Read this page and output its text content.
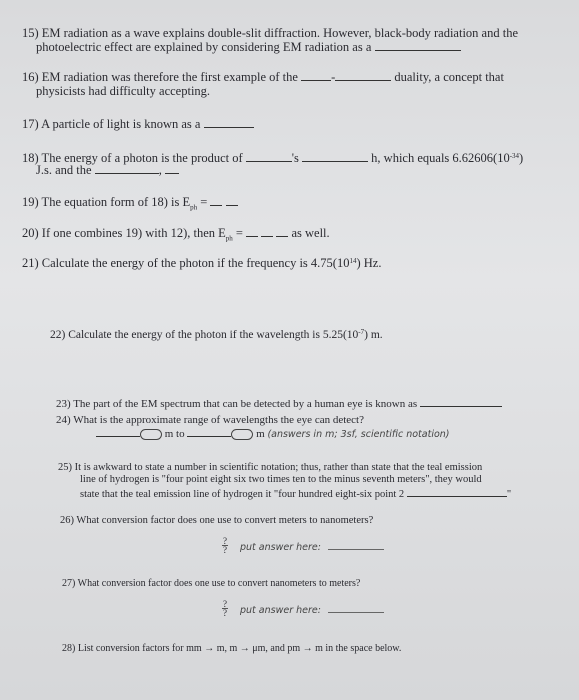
15) EM radiation as a wave explains double-slit diffraction. However, black-body radiation and the
photoelectric effect are explained by considering EM radiation as a
16) EM radiation was therefore the first example of the	-	duality, a concept that
physicists had difficulty accepting.
17) A particle of light is known as a
18) The energy of a photon is the product of	's	h, which equals $6.62606(10^{-34})$
J.s. and the	,
19) The equation form of 18) is $E_{ph}$ =
20) If one combines 19) with 12), then $E_{ph}$ =	as well.
21) Calculate the energy of the photon if the frequency is $4.75(10^{14})$ Hz.
22) Calculate the energy of the photon if the wavelength is $5.25(10^{-7})$ m.
23) The part of the EM spectrum that can be detected by a human eye is known as
24) What is the approximate range of wavelengths the eye can detect?
m to	m (answers in m; 3sf, scientific notation)
25) It is awkward to state a number in scientific notation; thus, rather than state that the teal emission
line of hydrogen is "four point eight six two times ten to the minus seventh meters", they would
state that the teal emission line of hydrogen it "four hundred eight-six point 2	"
26) What conversion factor does one use to convert meters to nanometers?
?
? put answer here:
27) What conversion factor does one use to convert nanometers to meters?
?
? put answer here:
28) List conversion factors for mm → m, m → μm, and pm → m in the space below.
